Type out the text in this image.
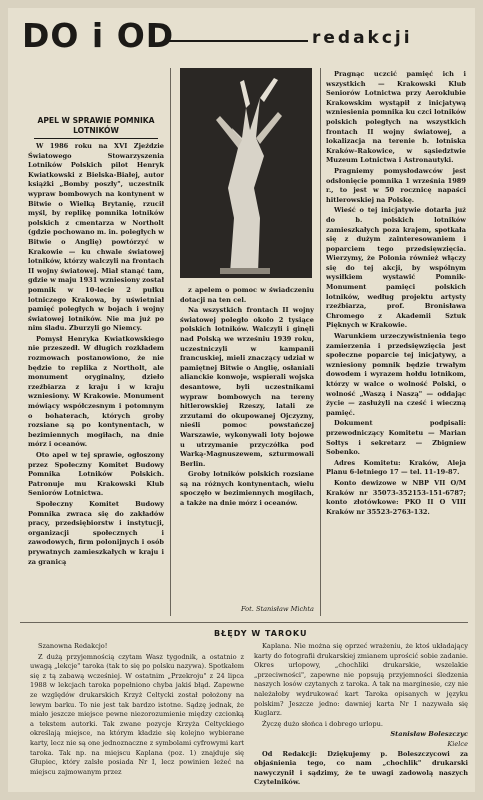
DO i OD	redakcji
APEL W SPRAWIE POMNIKA LOTNIKÓW

W 1986 roku na XVI Zjeździe Światowego Stowarzyszenia Lotników Polskich pilot Henryk Kwiatkowski z Bielska-Białej, autor książki „Bomby poszły", uczestnik wypraw bombowych na kontynent w Bitwie o Wielką Brytanię, rzucił myśl, by replikę pomnika lotników polskich z cmentarza w Northolt (gdzie pochowano m. in. poległych w Bitwie o Anglię) powtórzyć w Krakowie — ku chwale światowej lotników, którzy walczyli na frontach II wojny światowej. Miał stanąć tam, gdzie w maju 1931 wzniesiony został pomnik w 10-lecie 2 pułku lotniczego Krakowa, by uświetniał pamięć poległych w bojach i wojny światowej lotników. Nie ma już po nim śladu. Zburzyli go Niemcy.

Pomysł Henryka Kwiatkowskiego nie przeszedł. W długich rozkładem rozmowach postanowiono, że nie będzie to replika z Northolt, ale monument oryginalny, dzieło rzeźbiarza z kraju i w kraju wzniesiony. W Krakowie. Monument mówiący współczesnym i potomnym o bohaterach, których groby rozsiane są po kontynentach, w bezimiennych mogiłach, na dnie mórz i oceanów.

Oto apel w tej sprawie, ogłoszony przez Społeczny Komitet Budowy Pomnika Lotników Polskich. Patronuje mu Krakowski Klub Seniorów Lotnictwa.

Społeczny Komitet Budowy Pomnika zwraca się do zakładów pracy, przedsiębiorstw i instytucji, organizacji społecznych i zawodowych, firm polonijnych i osób prywatnych zamieszkałych w kraju i za granicą

z apelem o pomoc w świadczeniu dotacji na ten cel.

Na wszystkich frontach II wojny światowej poległo około 2 tysiące polskich lotników. Walczyli i ginęli nad Polską we wrześniu 1939 roku, uczestniczyli w kampanii francuskiej, mieli znaczący udział w pamiętnej Bitwie o Anglię, osłaniali alianckie konwoje, wspierali wojska desantowe, byli uczestnikami wypraw bombowych na tereny hitlerowskiej Rzeszy, latali ze zrzutami do okupowanej Ojczyzny, nieśli pomoc powstańczej Warszawie, wykonywali loty bojowe u utrzymanie przyczółka pod Warką-Magnuszewem, szturmowali Berlin.

Groby lotników polskich rozsiane są na różnych kontynentach, wielu spoczęło w bezimiennych mogiłach, a także na dnie mórz i oceanów.

Fot. Stanisław Michta

Pragnąc uczcić pamięć ich i wszystkich — Krakowski Klub Seniorów Lotnictwa przy Aeroklubie Krakowskim wystąpił z inicjatywą wzniesienia pomnika ku czci lotników polskich poległych na wszystkich frontach II wojny światowej, a lokalizacja na terenie b. lotniska Kraków–Rakowice, w sąsiedztwie Muzeum Lotnictwa i Astronautyki.

Pragniemy pomysłodawców jest odsłonięcie pomnika 1 września 1989 r., to jest w 50 rocznicę napaści hitlerowskiej na Polskę.

Wieść o tej inicjatywie dotarła już do b. polskich lotników zamieszkałych poza krajem, spotkała się z dużym zainteresowaniem i poparciem tego przedsięwzięcia. Wierzymy, że Polonia również włączy się do tej akcji, by wspólnym wysiłkiem wystawić Pomnik-Monument pamięci polskich lotników, według projektu artysty rzeźbiarza, prof. Bronisława Chromego z Akademii Sztuk Pięknych w Krakowie.

Warunkiem urzeczywistnienia tego zamierzenia i przedsięwzięcia jest społeczne poparcie tej inicjatywy, a wzniesiony pomnik będzie trwałym dowodem i wyrazem hołdu lotnikom, którzy w walce o wolność Polski, o wolność „Waszą i Naszą" — oddając życie — zasłużyli na cześć i wieczną pamięć.

Dokument podpisali: przewodniczący Komitetu — Marian Sołtys i sekretarz — Zbigniew Sobenko.

Adres Komitetu: Kraków, Aleja Planu 6-letniego 17 — tel. 11-19-87.

Konto dewizowe w NBP VII O/M Kraków nr 35073-352153-151-6787; konto złotówkowe: PKO II O VIII Kraków nr 35523-2763-132.

BŁĘDY W TAROKU

Szanowna Redakcjo!

Z dużą przyjemnością czytam Wasz tygodnik, a ostatnio z uwagą „lekcje" taroka (tak to się po polsku nazywa). Spotkałem się z tą zabawą wcześniej. W ostatnim „Przekroju" z 24 lipca 1988 w lekcjach taroka popełniono chyba jakiś błąd. Zapewne ze względów drukarskich Krzyż Celtycki został położony na lewym barku. To nie jest tak bardzo istotne. Sądzę jednak, że miało jeszcze miejsce pewne niezorozumienie między czcionką a tekstem autorki. Tak zwane pozycje Krzyża Celtyckiego określają miejsce, na którym kładzie się kolejno wybierane karty, lecz nie są one jednoznaczne z symbolami cyfrowymi kart taroka. Tak np. na miejscu Kaplana (poz. 1) znajduje się Głupiec, który zalsłe posiada Nr I, lecz powinien leżeć na miejscu zajmowanym przez

Kaplana. Nie można się oprzeć wrażeniu, że ktoś układający karty do fotografii drukarskiej zmianem uprościć sobie zadanie. Okres urlopowy, „chochliki drukarskie, wszelakie „przeciwności", zapewne nie popsują przyjemności śledzenia naszych losów czytanych z taroka. A tak na marginesie, czy nie należałoby wydrukować kart Taroka opisanych w języku polskim? Jeszcze jedno: dawniej karta Nr I nazywała się Kuglarz.

Życzę dużo słońca i dobrego urlopu.

Stanisław Boleszczyc
Kielce

Od Redakcji: Dziękujemy p. Boleszczycowi za objaśnienia tego, co nam „chochlik" drukarski nawyczynił i sądzimy, że te uwagi zadowolą naszych Czytelników.
